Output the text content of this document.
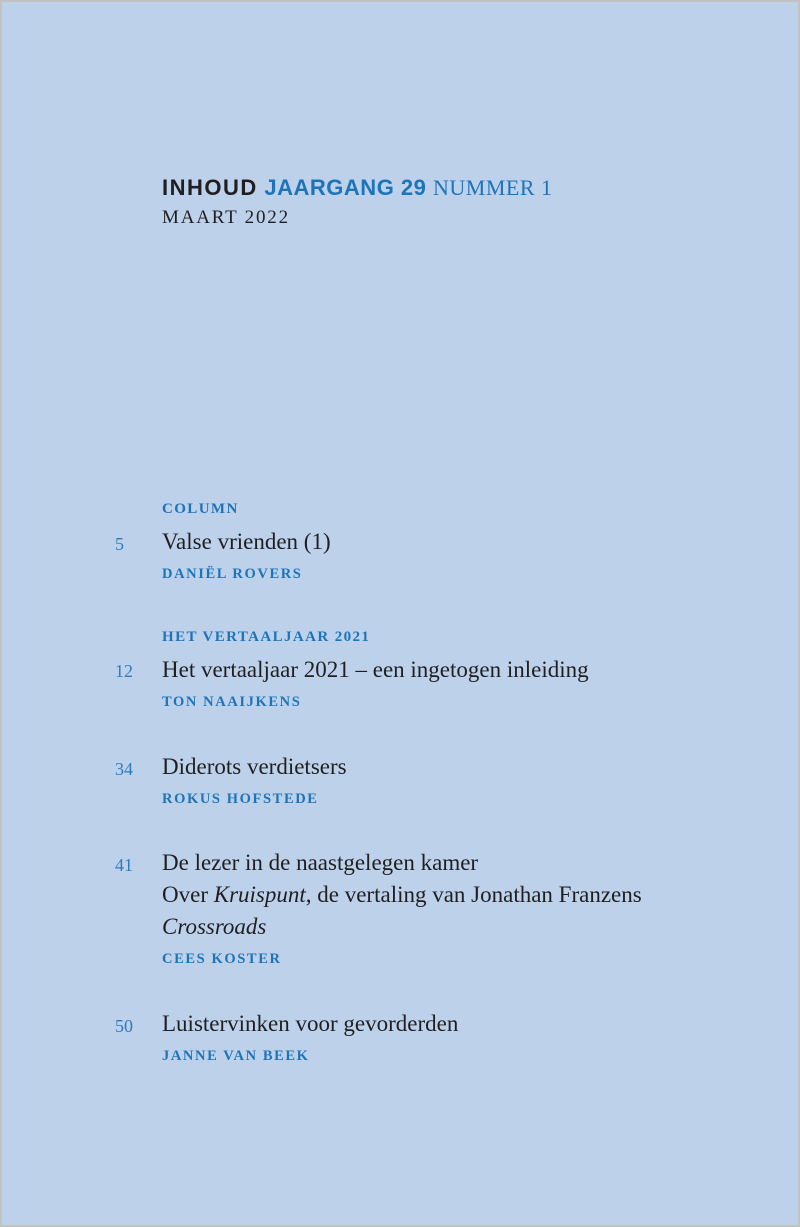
INHOUD JAARGANG 29 NUMMER 1
MAART 2022
COLUMN
5 Valse vrienden (1)
DANIËL ROVERS
HET VERTAALJAAR 2021
12 Het vertaaljaar 2021 – een ingetogen inleiding
TON NAAIJKENS
34 Diderots verdietsers
ROKUS HOFSTEDE
41 De lezer in de naastgelegen kamer
Over Kruispunt, de vertaling van Jonathan Franzens
Crossroads
CEES KOSTER
50 Luistervinken voor gevorderden
JANNE VAN BEEK
